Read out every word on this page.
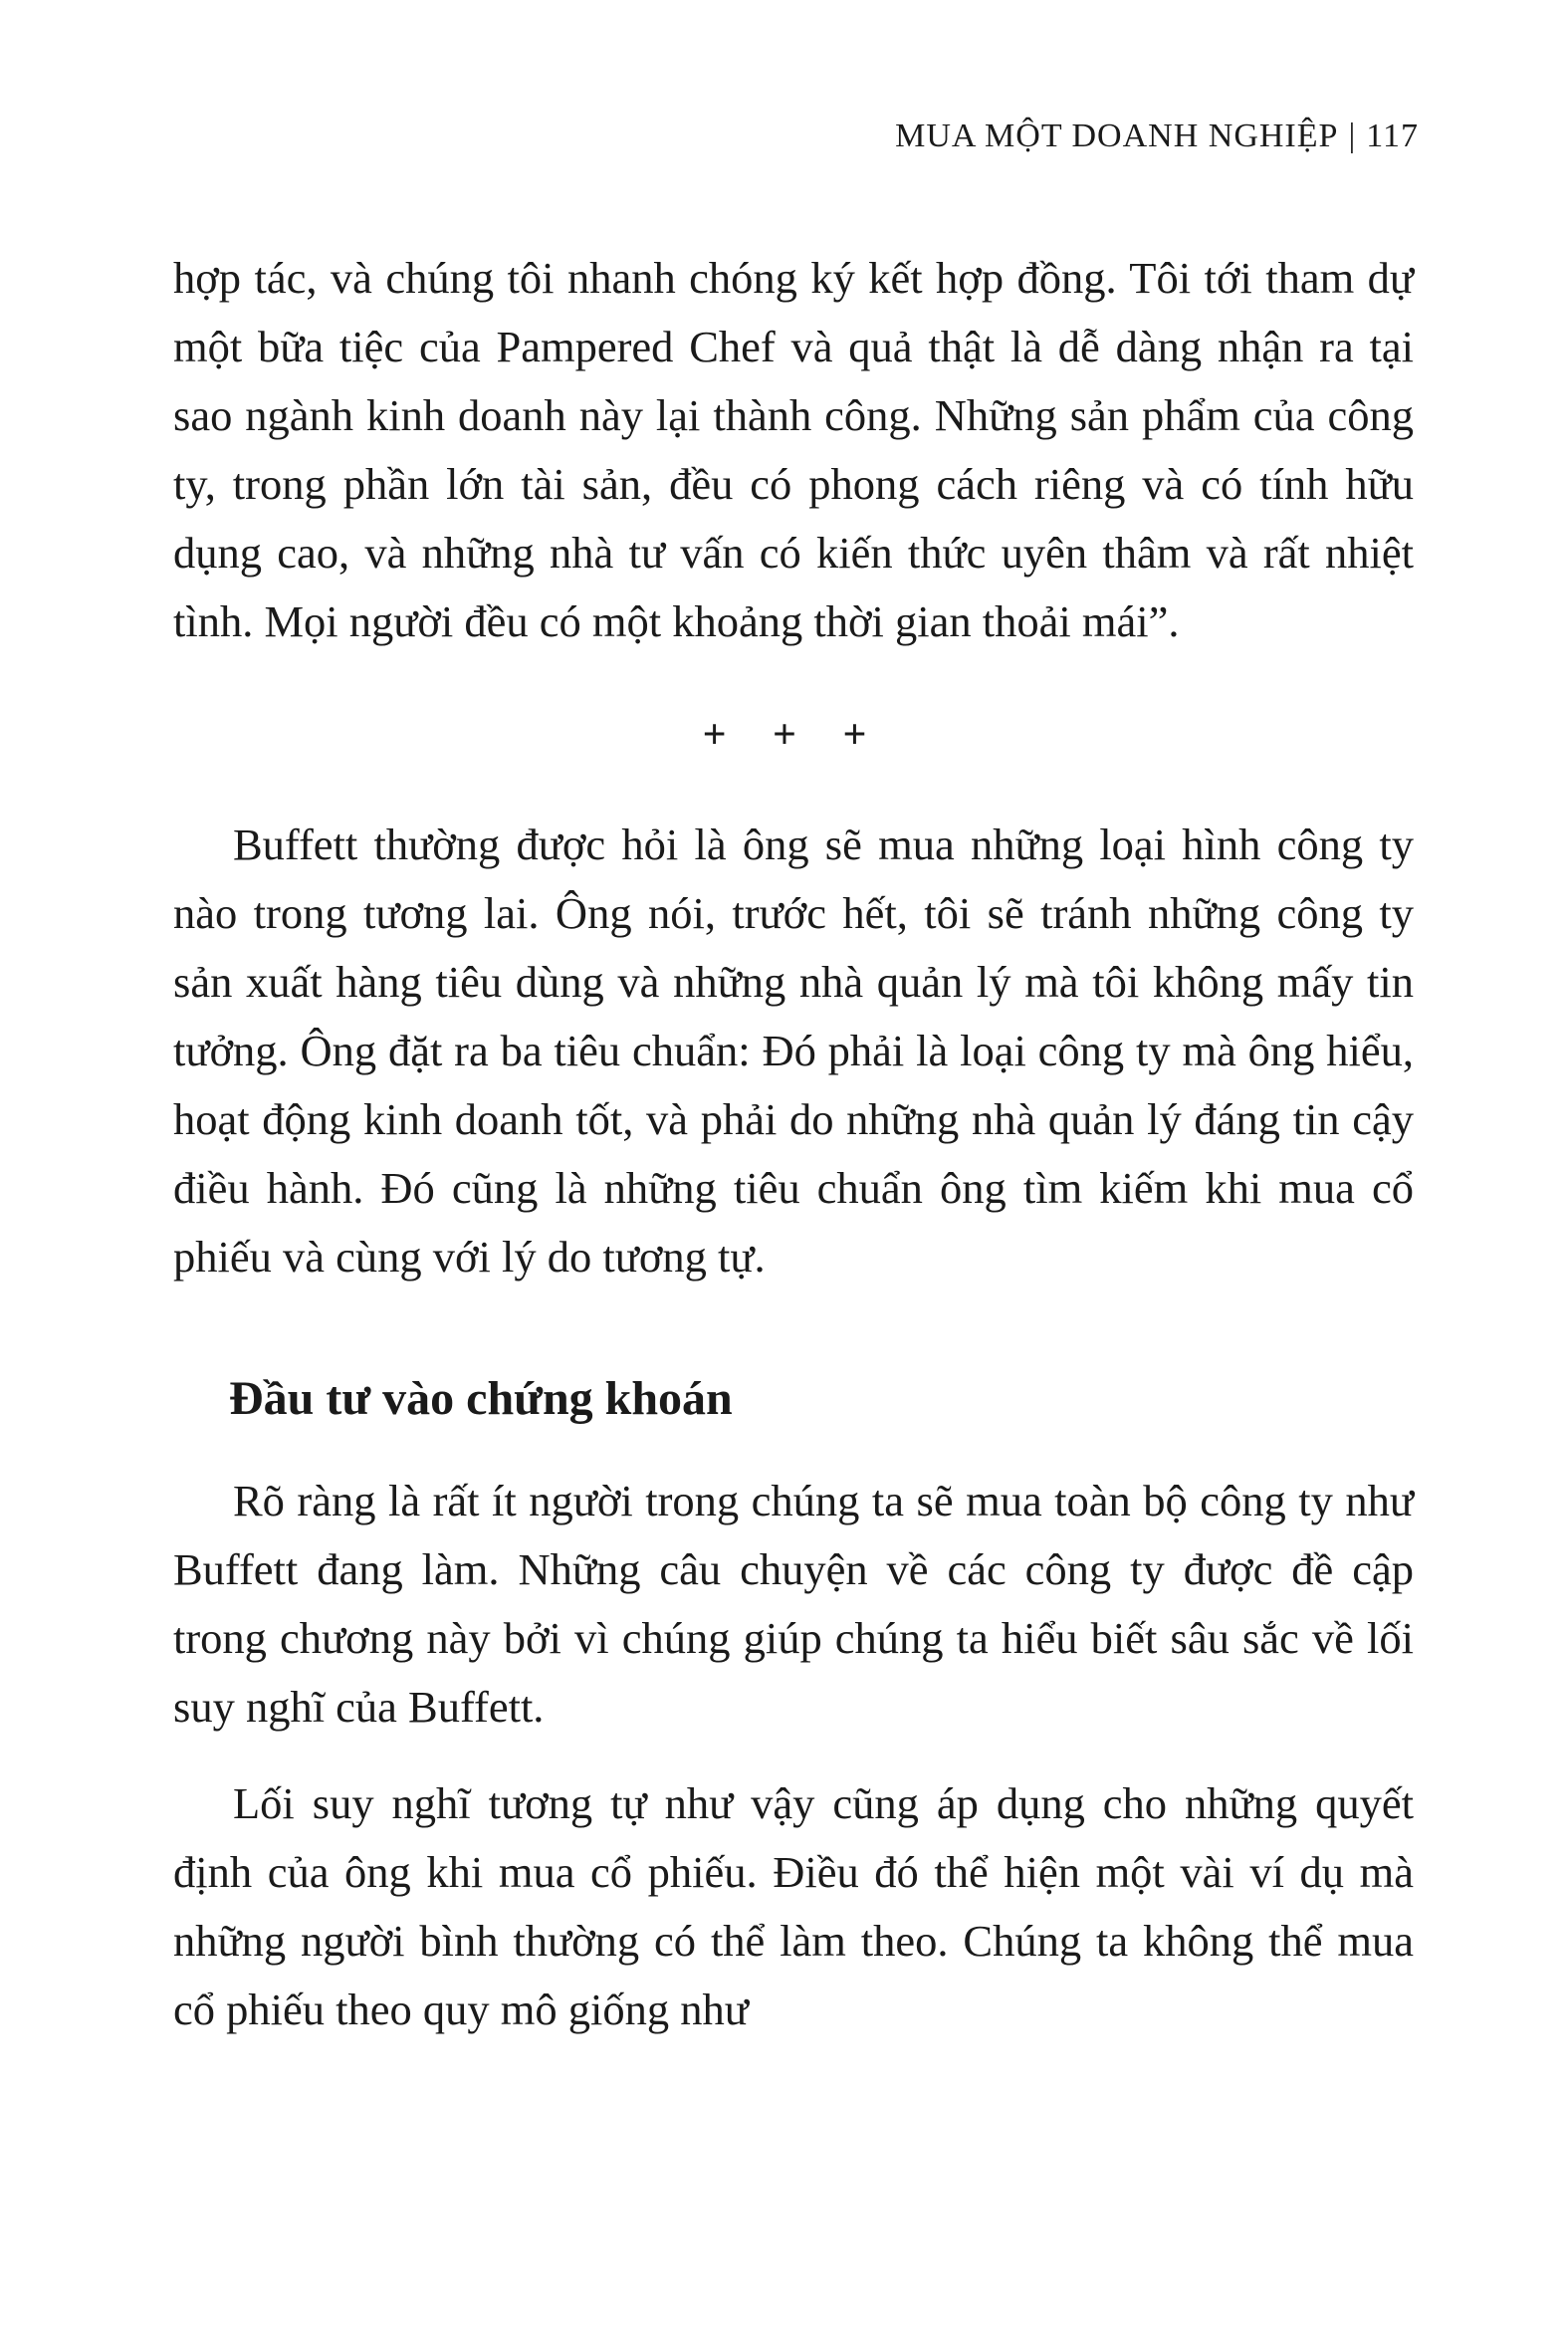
MUA MỘT DOANH NGHIỆP | 117

hợp tác, và chúng tôi nhanh chóng ký kết hợp đồng. Tôi tới tham dự một bữa tiệc của Pampered Chef và quả thật là dễ dàng nhận ra tại sao ngành kinh doanh này lại thành công. Những sản phẩm của công ty, trong phần lớn tài sản, đều có phong cách riêng và có tính hữu dụng cao, và những nhà tư vấn có kiến thức uyên thâm và rất nhiệt tình. Mọi người đều có một khoảng thời gian thoải mái”.

+ + +

Buffett thường được hỏi là ông sẽ mua những loại hình công ty nào trong tương lai. Ông nói, trước hết, tôi sẽ tránh những công ty sản xuất hàng tiêu dùng và những nhà quản lý mà tôi không mấy tin tưởng. Ông đặt ra ba tiêu chuẩn: Đó phải là loại công ty mà ông hiểu, hoạt động kinh doanh tốt, và phải do những nhà quản lý đáng tin cậy điều hành. Đó cũng là những tiêu chuẩn ông tìm kiếm khi mua cổ phiếu và cùng với lý do tương tự.

Đầu tư vào chứng khoán

Rõ ràng là rất ít người trong chúng ta sẽ mua toàn bộ công ty như Buffett đang làm. Những câu chuyện về các công ty được đề cập trong chương này bởi vì chúng giúp chúng ta hiểu biết sâu sắc về lối suy nghĩ của Buffett.

Lối suy nghĩ tương tự như vậy cũng áp dụng cho những quyết định của ông khi mua cổ phiếu. Điều đó thể hiện một vài ví dụ mà những người bình thường có thể làm theo. Chúng ta không thể mua cổ phiếu theo quy mô giống như
